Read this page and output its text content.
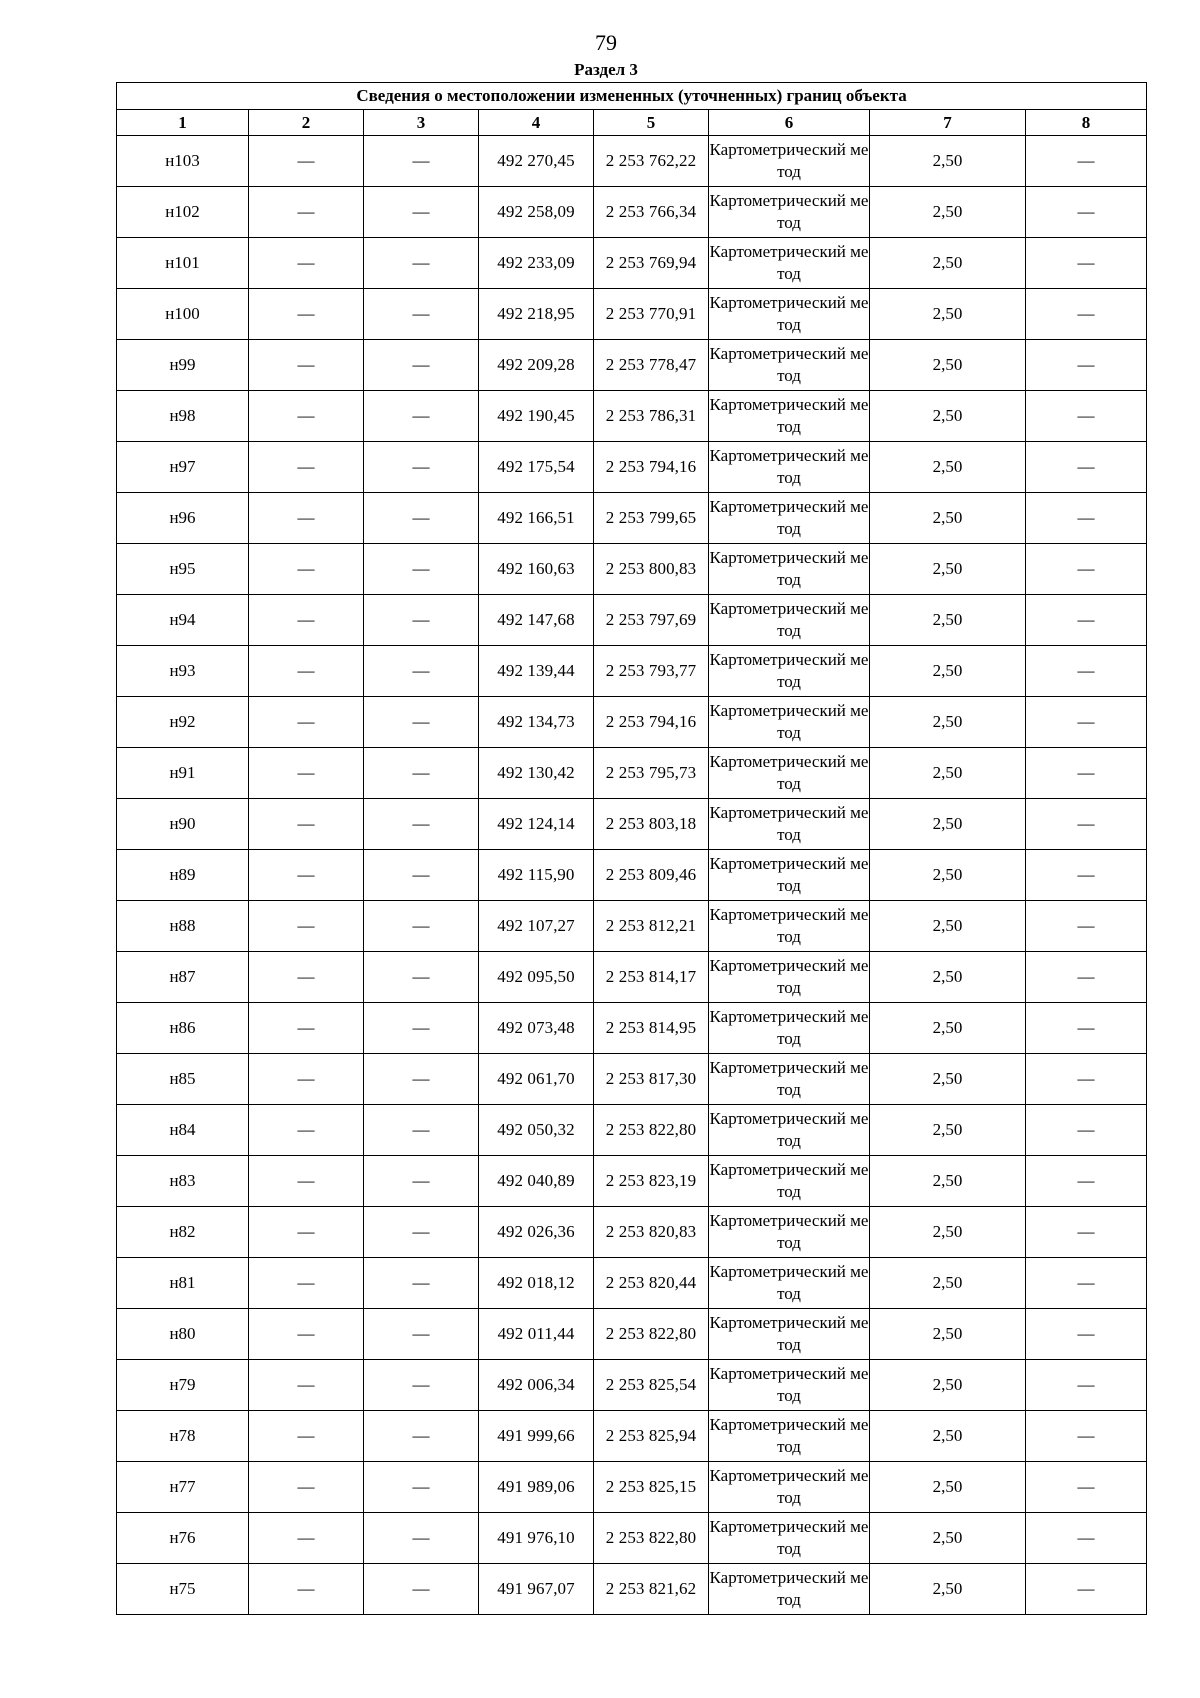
79
Раздел 3
Сведения о местоположении измененных (уточненных) границ объекта							
1	2	3	4	5	6	7	8
н103	—	—	492 270,45	2 253 762,22	Картометрический метод	2,50	—
н102	—	—	492 258,09	2 253 766,34	Картометрический метод	2,50	—
н101	—	—	492 233,09	2 253 769,94	Картометрический метод	2,50	—
н100	—	—	492 218,95	2 253 770,91	Картометрический метод	2,50	—
н99	—	—	492 209,28	2 253 778,47	Картометрический метод	2,50	—
н98	—	—	492 190,45	2 253 786,31	Картометрический метод	2,50	—
н97	—	—	492 175,54	2 253 794,16	Картометрический метод	2,50	—
н96	—	—	492 166,51	2 253 799,65	Картометрический метод	2,50	—
н95	—	—	492 160,63	2 253 800,83	Картометрический метод	2,50	—
н94	—	—	492 147,68	2 253 797,69	Картометрический метод	2,50	—
н93	—	—	492 139,44	2 253 793,77	Картометрический метод	2,50	—
н92	—	—	492 134,73	2 253 794,16	Картометрический метод	2,50	—
н91	—	—	492 130,42	2 253 795,73	Картометрический метод	2,50	—
н90	—	—	492 124,14	2 253 803,18	Картометрический метод	2,50	—
н89	—	—	492 115,90	2 253 809,46	Картометрический метод	2,50	—
н88	—	—	492 107,27	2 253 812,21	Картометрический метод	2,50	—
н87	—	—	492 095,50	2 253 814,17	Картометрический метод	2,50	—
н86	—	—	492 073,48	2 253 814,95	Картометрический метод	2,50	—
н85	—	—	492 061,70	2 253 817,30	Картометрический метод	2,50	—
н84	—	—	492 050,32	2 253 822,80	Картометрический метод	2,50	—
н83	—	—	492 040,89	2 253 823,19	Картометрический метод	2,50	—
н82	—	—	492 026,36	2 253 820,83	Картометрический метод	2,50	—
н81	—	—	492 018,12	2 253 820,44	Картометрический метод	2,50	—
н80	—	—	492 011,44	2 253 822,80	Картометрический метод	2,50	—
н79	—	—	492 006,34	2 253 825,54	Картометрический метод	2,50	—
н78	—	—	491 999,66	2 253 825,94	Картометрический метод	2,50	—
н77	—	—	491 989,06	2 253 825,15	Картометрический метод	2,50	—
н76	—	—	491 976,10	2 253 822,80	Картометрический метод	2,50	—
н75	—	—	491 967,07	2 253 821,62	Картометрический метод	2,50	—
